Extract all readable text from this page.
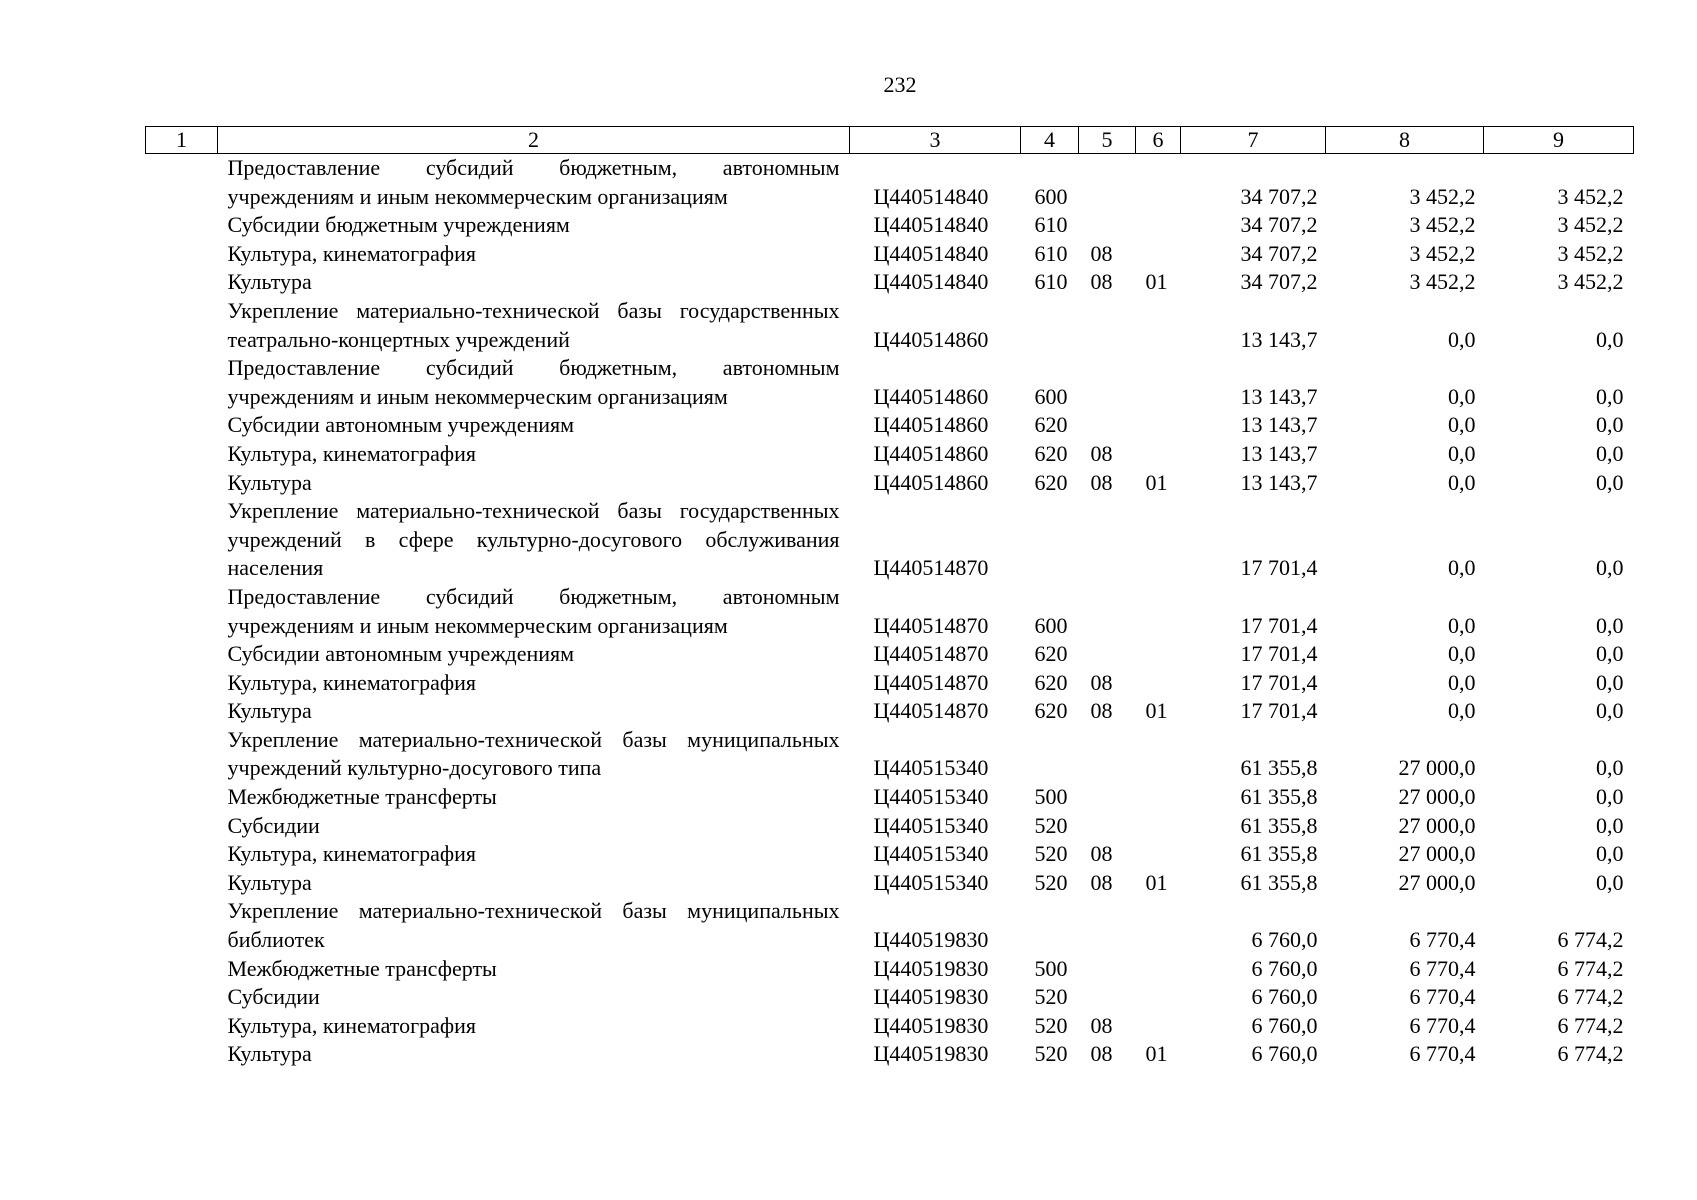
232
1	2	3	4	5	6	7	8	9
	Предоставление субсидий бюджетным, автономным учреждениям и иным некоммерческим организациям	Ц440514840	600			34 707,2	3 452,2	3 452,2
	Субсидии бюджетным учреждениям	Ц440514840	610			34 707,2	3 452,2	3 452,2
	Культура, кинематография	Ц440514840	610	08		34 707,2	3 452,2	3 452,2
	Культура	Ц440514840	610	08	01	34 707,2	3 452,2	3 452,2
	Укрепление материально-технической базы государственных театрально-концертных учреждений	Ц440514860				13 143,7	0,0	0,0
	Предоставление субсидий бюджетным, автономным учреждениям и иным некоммерческим организациям	Ц440514860	600			13 143,7	0,0	0,0
	Субсидии автономным учреждениям	Ц440514860	620			13 143,7	0,0	0,0
	Культура, кинематография	Ц440514860	620	08		13 143,7	0,0	0,0
	Культура	Ц440514860	620	08	01	13 143,7	0,0	0,0
	Укрепление материально-технической базы государственных учреждений в сфере культурно-досугового обслуживания населения	Ц440514870				17 701,4	0,0	0,0
	Предоставление субсидий бюджетным, автономным учреждениям и иным некоммерческим организациям	Ц440514870	600			17 701,4	0,0	0,0
	Субсидии автономным учреждениям	Ц440514870	620			17 701,4	0,0	0,0
	Культура, кинематография	Ц440514870	620	08		17 701,4	0,0	0,0
	Культура	Ц440514870	620	08	01	17 701,4	0,0	0,0
	Укрепление материально-технической базы муниципальных учреждений культурно-досугового типа	Ц440515340				61 355,8	27 000,0	0,0
	Межбюджетные трансферты	Ц440515340	500			61 355,8	27 000,0	0,0
	Субсидии	Ц440515340	520			61 355,8	27 000,0	0,0
	Культура, кинематография	Ц440515340	520	08		61 355,8	27 000,0	0,0
	Культура	Ц440515340	520	08	01	61 355,8	27 000,0	0,0
	Укрепление материально-технической базы муниципальных библиотек	Ц440519830				6 760,0	6 770,4	6 774,2
	Межбюджетные трансферты	Ц440519830	500			6 760,0	6 770,4	6 774,2
	Субсидии	Ц440519830	520			6 760,0	6 770,4	6 774,2
	Культура, кинематография	Ц440519830	520	08		6 760,0	6 770,4	6 774,2
	Культура	Ц440519830	520	08	01	6 760,0	6 770,4	6 774,2
